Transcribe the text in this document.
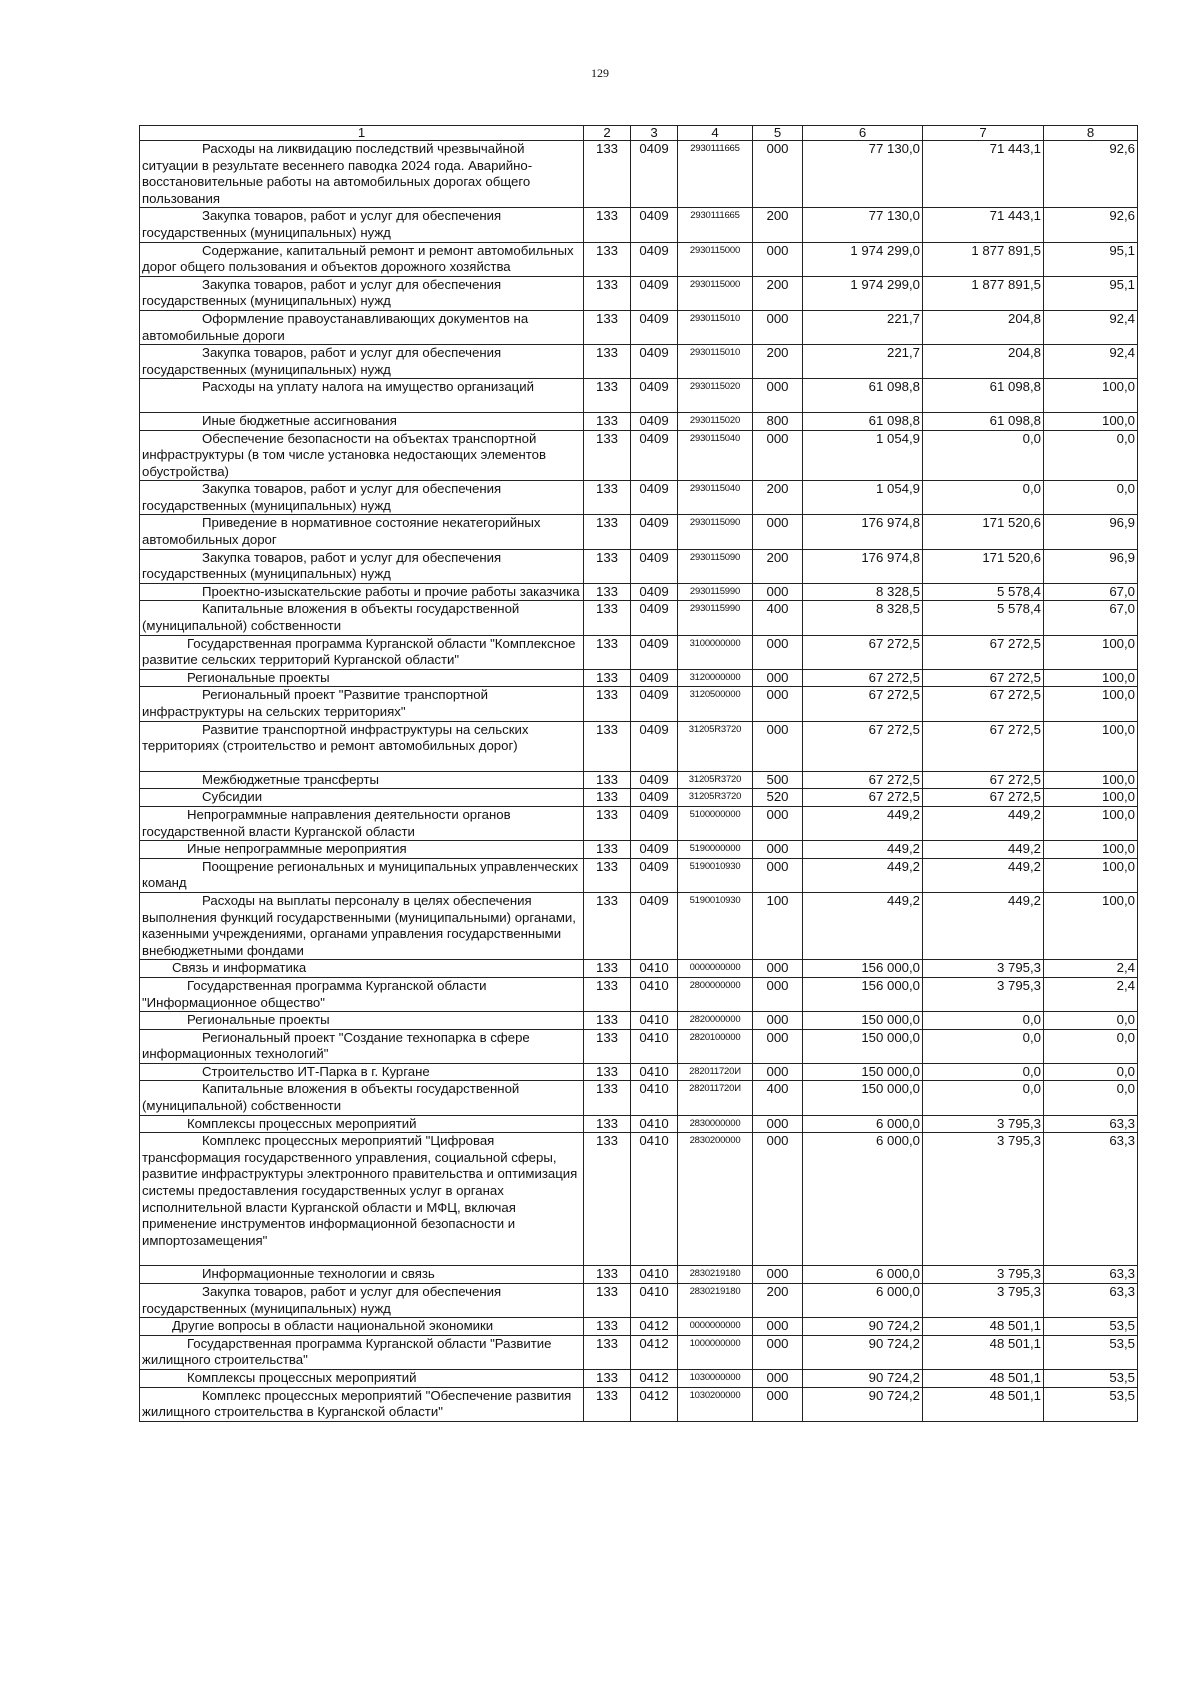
129
1	2	3	4	5	6	7	8

Расходы на ликвидацию последствий чрезвычайной ситуации в результате весеннего паводка 2024 года. Аварийно-восстановительные работы на автомобильных дорогах общего пользования	133	0409	2930111665	000	77 130,0	71 443,1	92,6

Закупка товаров, работ и услуг для обеспечения государственных (муниципальных) нужд	133	0409	2930111665	200	77 130,0	71 443,1	92,6

Содержание, капитальный ремонт и ремонт автомобильных дорог общего пользования и объектов дорожного хозяйства	133	0409	2930115000	000	1 974 299,0	1 877 891,5	95,1

Закупка товаров, работ и услуг для обеспечения государственных (муниципальных) нужд	133	0409	2930115000	200	1 974 299,0	1 877 891,5	95,1

Оформление правоустанавливающих документов на автомобильные дороги	133	0409	2930115010	000	221,7	204,8	92,4

Закупка товаров, работ и услуг для обеспечения государственных (муниципальных) нужд	133	0409	2930115010	200	221,7	204,8	92,4

Расходы на уплату налога на имущество организаций	133	0409	2930115020	000	61 098,8	61 098,8	100,0

Иные бюджетные ассигнования	133	0409	2930115020	800	61 098,8	61 098,8	100,0

Обеспечение безопасности на объектах транспортной инфраструктуры (в том числе установка недостающих элементов обустройства)	133	0409	2930115040	000	1 054,9	0,0	0,0

Закупка товаров, работ и услуг для обеспечения государственных (муниципальных) нужд	133	0409	2930115040	200	1 054,9	0,0	0,0

Приведение в нормативное состояние некатегорийных автомобильных дорог	133	0409	2930115090	000	176 974,8	171 520,6	96,9

Закупка товаров, работ и услуг для обеспечения государственных (муниципальных) нужд	133	0409	2930115090	200	176 974,8	171 520,6	96,9

Проектно-изыскательские работы и прочие работы заказчика	133	0409	2930115990	000	8 328,5	5 578,4	67,0

Капитальные вложения в объекты государственной (муниципальной) собственности	133	0409	2930115990	400	8 328,5	5 578,4	67,0

Государственная программа Курганской области "Комплексное развитие сельских территорий Курганской области"	133	0409	3100000000	000	67 272,5	67 272,5	100,0

Региональные проекты	133	0409	3120000000	000	67 272,5	67 272,5	100,0

Региональный проект "Развитие транспортной инфраструктуры на сельских территориях"	133	0409	3120500000	000	67 272,5	67 272,5	100,0

Развитие транспортной инфраструктуры на сельских территориях (строительство и ремонт автомобильных дорог)	133	0409	31205R3720	000	67 272,5	67 272,5	100,0

Межбюджетные трансферты	133	0409	31205R3720	500	67 272,5	67 272,5	100,0

Субсидии	133	0409	31205R3720	520	67 272,5	67 272,5	100,0

Непрограммные направления деятельности органов государственной власти Курганской области	133	0409	5100000000	000	449,2	449,2	100,0

Иные непрограммные мероприятия	133	0409	5190000000	000	449,2	449,2	100,0

Поощрение региональных и муниципальных управленческих команд	133	0409	5190010930	000	449,2	449,2	100,0

Расходы на выплаты персоналу в целях обеспечения выполнения функций государственными (муниципальными) органами, казенными учреждениями, органами управления государственными внебюджетными фондами	133	0409	5190010930	100	449,2	449,2	100,0

Связь и информатика	133	0410	0000000000	000	156 000,0	3 795,3	2,4

Государственная программа Курганской области "Информационное общество"	133	0410	2800000000	000	156 000,0	3 795,3	2,4

Региональные проекты	133	0410	2820000000	000	150 000,0	0,0	0,0

Региональный проект "Создание технопарка в сфере информационных технологий"	133	0410	2820100000	000	150 000,0	0,0	0,0

Строительство ИТ-Парка в г. Кургане	133	0410	282011720И	000	150 000,0	0,0	0,0

Капитальные вложения в объекты государственной (муниципальной) собственности	133	0410	282011720И	400	150 000,0	0,0	0,0

Комплексы процессных мероприятий	133	0410	2830000000	000	6 000,0	3 795,3	63,3

Комплекс процессных мероприятий "Цифровая трансформация государственного управления, социальной сферы, развитие инфраструктуры электронного правительства и оптимизация системы предоставления государственных услуг в органах исполнительной власти Курганской области и МФЦ, включая применение инструментов информационной безопасности и импортозамещения"	133	0410	2830200000	000	6 000,0	3 795,3	63,3

Информационные технологии и связь	133	0410	2830219180	000	6 000,0	3 795,3	63,3

Закупка товаров, работ и услуг для обеспечения государственных (муниципальных) нужд	133	0410	2830219180	200	6 000,0	3 795,3	63,3

Другие вопросы в области национальной экономики	133	0412	0000000000	000	90 724,2	48 501,1	53,5

Государственная программа Курганской области "Развитие жилищного строительства"	133	0412	1000000000	000	90 724,2	48 501,1	53,5

Комплексы процессных мероприятий	133	0412	1030000000	000	90 724,2	48 501,1	53,5

Комплекс процессных мероприятий "Обеспечение развития жилищного строительства в Курганской области"	133	0412	1030200000	000	90 724,2	48 501,1	53,5
